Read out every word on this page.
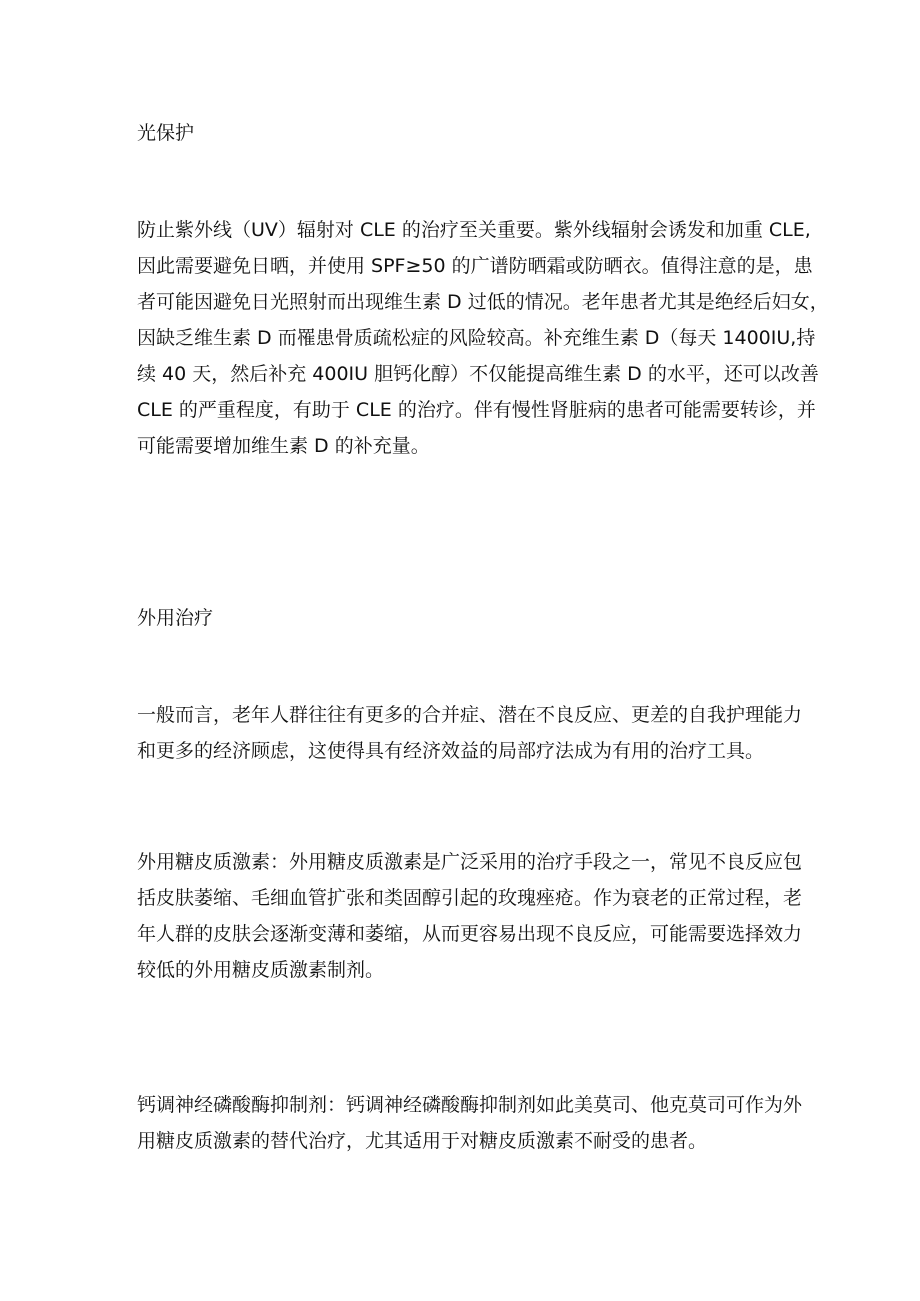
光保护
防止紫外线（UV）辐射对 CLE 的治疗至关重要。紫外线辐射会诱发和加重 CLE,
因此需要避免日晒，并使用 SPF≥50 的广谱防晒霜或防晒衣。值得注意的是，患
者可能因避免日光照射而出现维生素 D 过低的情况。老年患者尤其是绝经后妇女，
因缺乏维生素 D 而罹患骨质疏松症的风险较高。补充维生素 D（每天 1400IU,持
续 40 天，然后补充 400IU 胆钙化醇）不仅能提高维生素 D 的水平，还可以改善
CLE 的严重程度，有助于 CLE 的治疗。伴有慢性肾脏病的患者可能需要转诊，并
可能需要增加维生素 D 的补充量。
外用治疗
一般而言，老年人群往往有更多的合并症、潜在不良反应、更差的自我护理能力
和更多的经济顾虑，这使得具有经济效益的局部疗法成为有用的治疗工具。
外用糖皮质激素：外用糖皮质激素是广泛采用的治疗手段之一，常见不良反应包
括皮肤萎缩、毛细血管扩张和类固醇引起的玫瑰痤疮。作为衰老的正常过程，老
年人群的皮肤会逐渐变薄和萎缩，从而更容易出现不良反应，可能需要选择效力
较低的外用糖皮质激素制剂。
钙调神经磷酸酶抑制剂：钙调神经磷酸酶抑制剂如此美莫司、他克莫司可作为外
用糖皮质激素的替代治疗，尤其适用于对糖皮质激素不耐受的患者。
